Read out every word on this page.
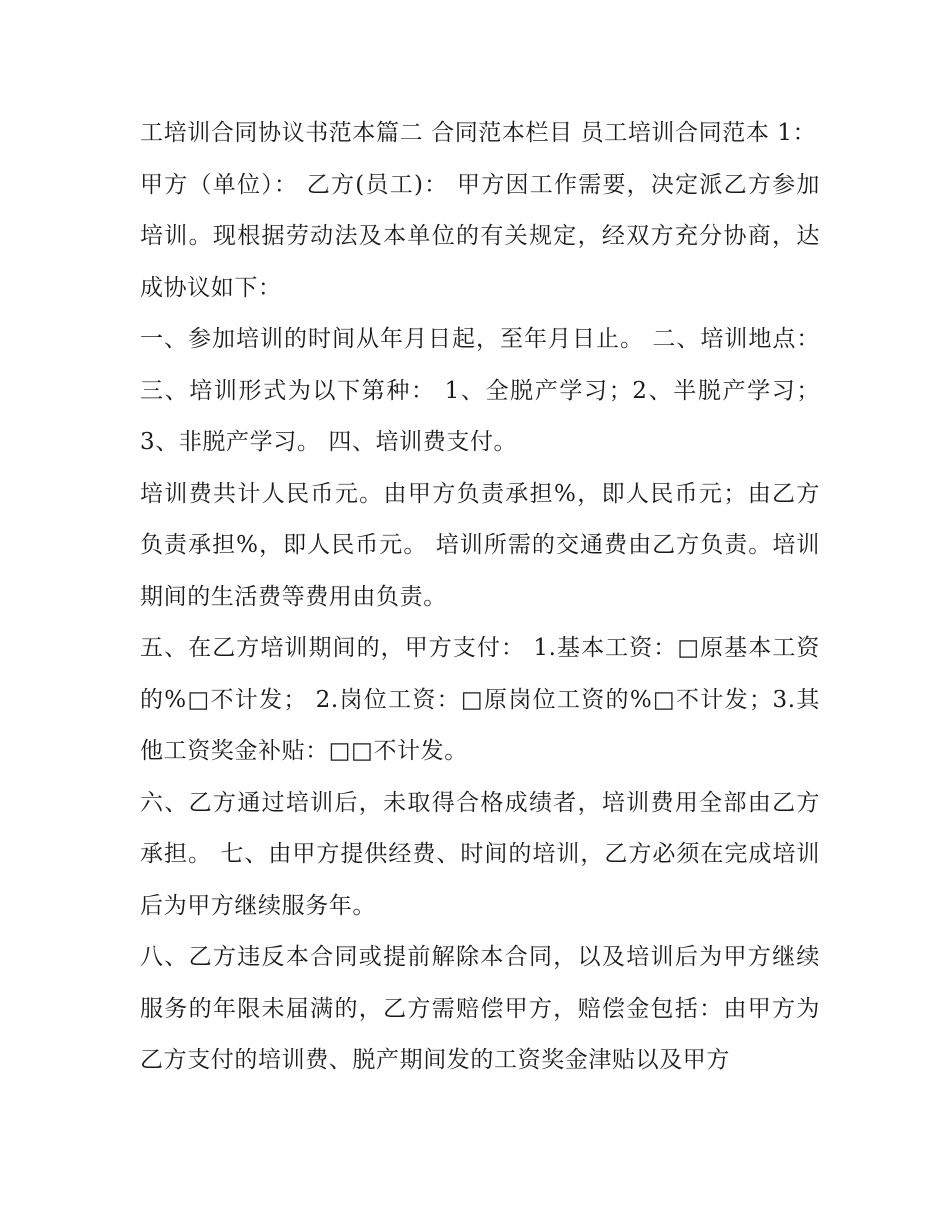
工培训合同协议书范本篇二 合同范本栏目 员工培训合同范本 1：

甲方（单位）： 乙方(员工)： 甲方因工作需要，决定派乙方参加培训。现根据劳动法及本单位的有关规定，经双方充分协商，达成协议如下：

一、参加培训的时间从年月日起，至年月日止。 二、培训地点： 三、培训形式为以下第种： 1、全脱产学习；2、半脱产学习；3、非脱产学习。 四、培训费支付。

培训费共计人民币元。由甲方负责承担%，即人民币元；由乙方负责承担%，即人民币元。 培训所需的交通费由乙方负责。培训期间的生活费等费用由负责。

五、在乙方培训期间的，甲方支付： 1.基本工资：□原基本工资的%□不计发； 2.岗位工资：□原岗位工资的%□不计发；3.其他工资奖金补贴：□□不计发。

六、乙方通过培训后，未取得合格成绩者，培训费用全部由乙方承担。 七、由甲方提供经费、时间的培训，乙方必须在完成培训后为甲方继续服务年。

八、乙方违反本合同或提前解除本合同，以及培训后为甲方继续服务的年限未届满的，乙方需赔偿甲方，赔偿金包括：由甲方为乙方支付的培训费、脱产期间发的工资奖金津贴以及甲方
